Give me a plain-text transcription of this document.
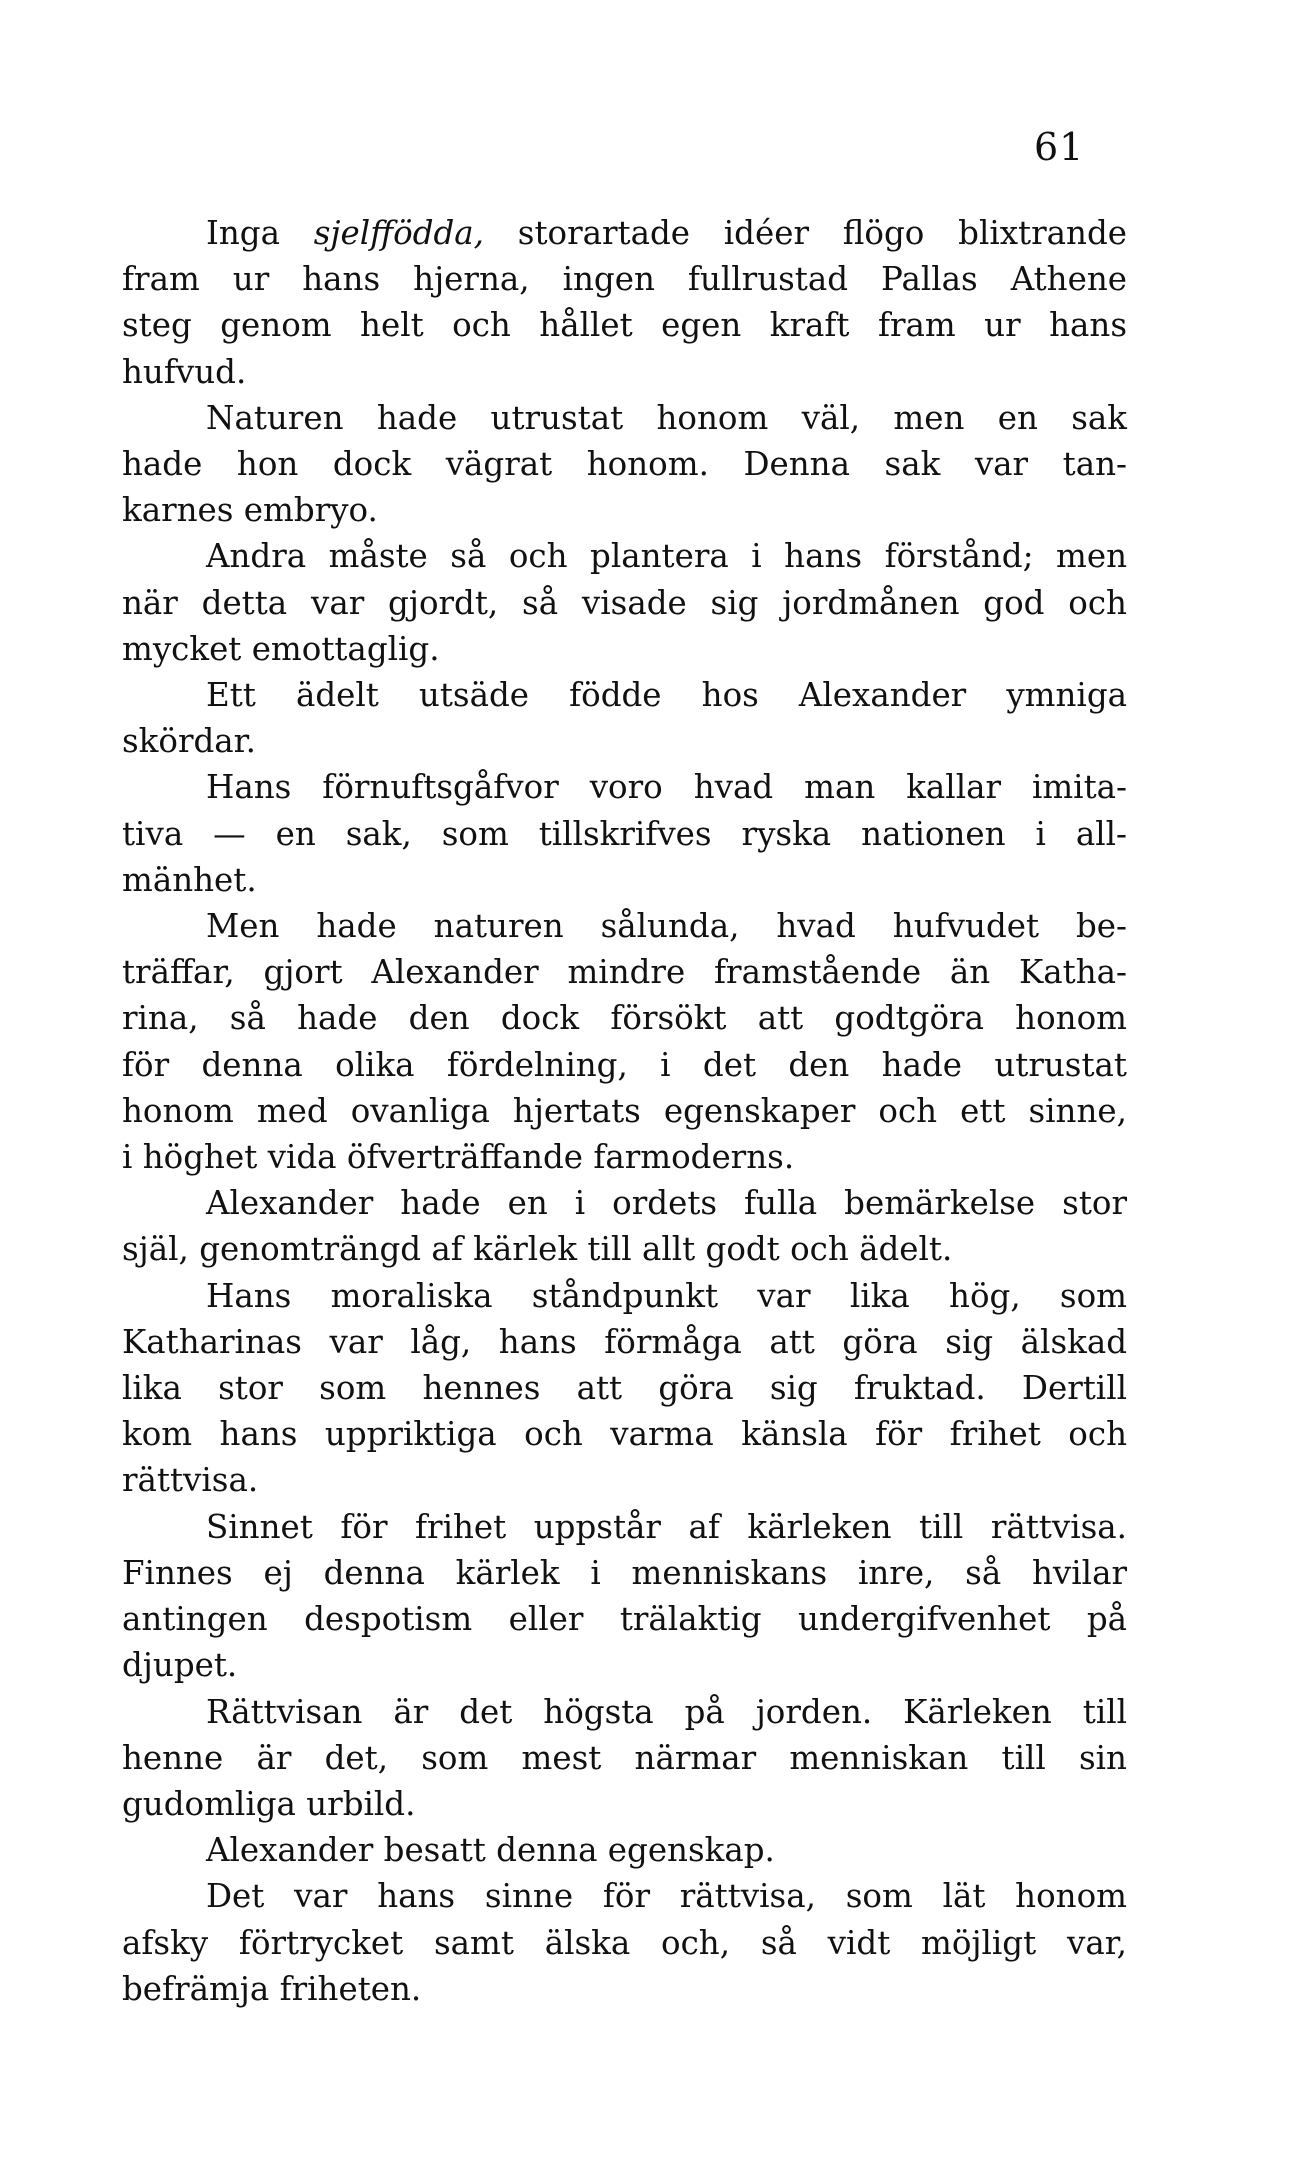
61
Inga sjelffödda, storartade idéer flögo blixtrande
fram ur hans hjerna, ingen fullrustad Pallas Athene
steg genom helt och hållet egen kraft fram ur hans
hufvud.
Naturen hade utrustat honom väl, men en sak
hade hon dock vägrat honom. Denna sak var tan-
karnes embryo.
Andra måste så och plantera i hans förstånd; men
när detta var gjordt, så visade sig jordmånen god och
mycket emottaglig.
Ett ädelt utsäde födde hos Alexander ymniga
skördar.
Hans förnuftsgåfvor voro hvad man kallar imita-
tiva — en sak, som tillskrifves ryska nationen i all-
mänhet.
Men hade naturen sålunda, hvad hufvudet be-
träffar, gjort Alexander mindre framstående än Katha-
rina, så hade den dock försökt att godtgöra honom
för denna olika fördelning, i det den hade utrustat
honom med ovanliga hjertats egenskaper och ett sinne,
i höghet vida öfverträffande farmoderns.
Alexander hade en i ordets fulla bemärkelse stor
själ, genomträngd af kärlek till allt godt och ädelt.
Hans moraliska ståndpunkt var lika hög, som
Katharinas var låg, hans förmåga att göra sig älskad
lika stor som hennes att göra sig fruktad. Dertill
kom hans uppriktiga och varma känsla för frihet och
rättvisa.
Sinnet för frihet uppstår af kärleken till rättvisa.
Finnes ej denna kärlek i menniskans inre, så hvilar
antingen despotism eller trälaktig undergifvenhet på
djupet.
Rättvisan är det högsta på jorden. Kärleken till
henne är det, som mest närmar menniskan till sin
gudomliga urbild.
Alexander besatt denna egenskap.
Det var hans sinne för rättvisa, som lät honom
afsky förtrycket samt älska och, så vidt möjligt var,
befrämja friheten.
